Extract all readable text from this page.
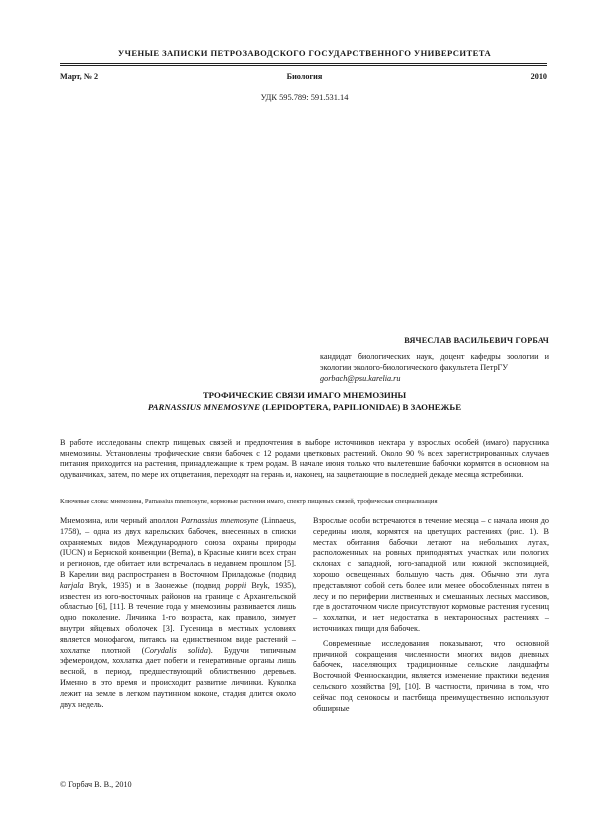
УЧЕНЫЕ ЗАПИСКИ ПЕТРОЗАВОДСКОГО ГОСУДАРСТВЕННОГО УНИВЕРСИТЕТА
Март, № 2	Биология	2010
УДК 595.789: 591.531.14
ВЯЧЕСЛАВ ВАСИЛЬЕВИЧ ГОРБАЧ
кандидат биологических наук, доцент кафедры зоологии и экологии эколого-биологического факультета ПетрГУ
gorbach@psu.karelia.ru
ТРОФИЧЕСКИЕ СВЯЗИ ИМАГО МНЕМОЗИНЫ
PARNASSIUS MNEMOSYNE (LEPIDOPTERA, PAPILIONIDAE) В ЗАОНЕЖЬЕ
В работе исследованы спектр пищевых связей и предпочтения в выборе источников нектара у взрослых особей (имаго) парусника мнемозины. Установлены трофические связи бабочек с 12 родами цветковых растений. Около 90 % всех зарегистрированных случаев питания приходится на растения, принадлежащие к трем родам. В начале июня только что вылетевшие бабочки кормятся в основном на одуванчиках, затем, по мере их отцветания, переходят на герань и, наконец, на зацветающие в последней декаде месяца ястребинки.
Ключевые слова: мнемозина, Parnassius mnemosyne, кормовые растения имаго, спектр пищевых связей, трофическая специализация

Мнемозина, или черный аполлон Parnassius mnemosyne (Linnaeus, 1758), – одна из двух карельских бабочек, внесенных в списки охраняемых видов Международного союза охраны природы (IUCN) и Бернской конвенции (Berna), в Красные книги всех стран и регионов, где обитает или встречалась в недавнем прошлом [5]. В Карелии вид распространен в Восточном Приладожье (подвид karjala Bryk, 1935) и в Заонежье (подвид poppii Bryk, 1935), известен из юго-восточных районов на границе с Архангельской областью [6], [11]. В течение года у мнемозины развивается лишь одно поколение. Личинка 1-го возраста, как правило, зимует внутри яйцевых оболочек [3]. Гусеница в местных условиях является монофагом, питаясь на единственном виде растений – хохлатке плотной (Corydalis solida). Будучи типичным эфемероидом, хохлатка дает побеги и генеративные органы лишь весной, в период, предшествующий облиствению деревьев. Именно в это время и происходит развитие личинки. Куколка лежит на земле в легком паутинном коконе, стадия длится около двух недель.

Взрослые особи встречаются в течение месяца – с начала июня до середины июля, кормятся на цветущих растениях (рис. 1). В местах обитания бабочки летают на небольших лугах, расположенных на ровных приподнятых участках или пологих склонах с западной, юго-западной или южной экспозицией, хорошо освещенных большую часть дня. Обычно эти луга представляют собой сеть более или менее обособленных пятен в лесу и по периферии лиственных и смешанных лесных массивов, где в достаточном числе присутствуют кормовые растения гусениц – хохлатки, и нет недостатка в нектароносных растениях – источниках пищи для бабочек.

Современные исследования показывают, что основной причиной сокращения численности многих видов дневных бабочек, населяющих традиционные сельские ландшафты Восточной Фенноскандии, является изменение практики ведения сельского хозяйства [9], [10]. В частности, причина в том, что сейчас под сенокосы и пастбища преимущественно используют обширные

© Горбач В. В., 2010
